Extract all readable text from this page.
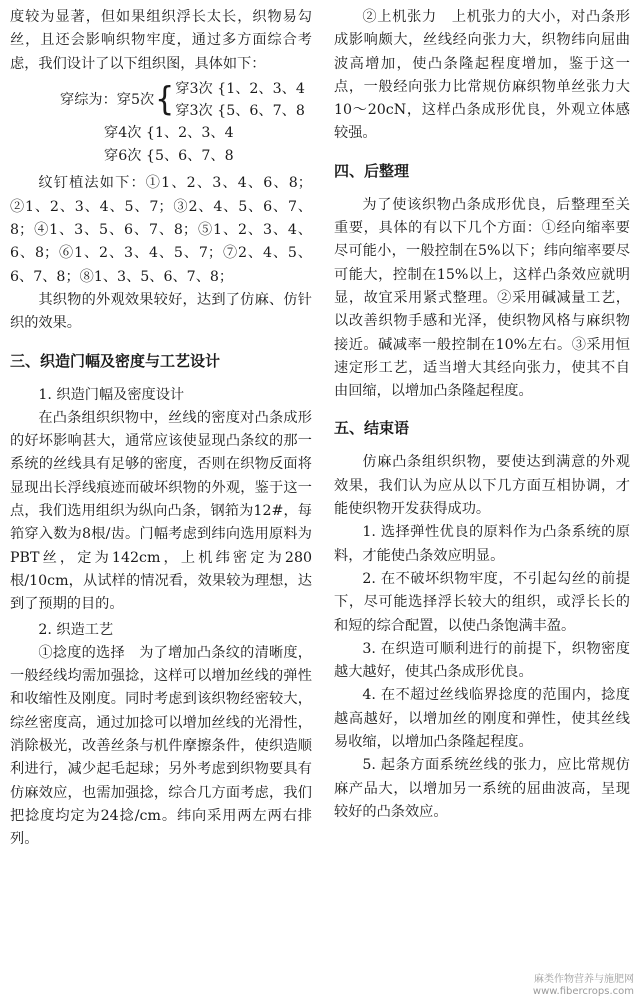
度较为显著，但如果组织浮长太长，织物易勾丝，且还会影响织物牢度，通过多方面综合考虑，我们设计了以下组织图，具体如下：

穿综为：穿5次{ 穿3次 {1、2、3、4
穿3次 {5、6、7、8
穿4次 {1、2、3、4
穿6次 {5、6、7、8

纹钉植法如下：①1、2、3、4、6、8；②1、2、3、4、5、7；③2、4、5、6、7、8；④1、3、5、6、7、8；⑤1、2、3、4、6、8；⑥1、2、3、4、5、7；⑦2、4、5、6、7、8；⑧1、3、5、6、7、8；

其织物的外观效果较好，达到了仿麻、仿针织的效果。

三、织造门幅及密度与工艺设计

1. 织造门幅及密度设计

在凸条组织织物中，丝线的密度对凸条成形的好坏影响甚大，通常应该使显现凸条纹的那一系统的丝线具有足够的密度，否则在织物反面将显现出长浮线痕迹而破坏织物的外观，鉴于这一点，我们选用组织为纵向凸条，钢筘为12#，每筘穿入数为8根/齿。门幅考虑到纬向选用原料为PBT丝，定为142cm，上机纬密定为280根/10cm，从试样的情况看，效果较为理想，达到了预期的目的。

2. 织造工艺

①捻度的选择　为了增加凸条纹的清晰度，一般经线均需加强捻，这样可以增加丝线的弹性和收缩性及刚度。同时考虑到该织物经密较大，综丝密度高，通过加捻可以增加丝线的光滑性，消除极光，改善丝条与机件摩擦条件，使织造顺利进行，减少起毛起球；另外考虑到织物要具有仿麻效应，也需加强捻，综合几方面考虑，我们把捻度均定为24捻/cm。纬向采用两左两右排列。

②上机张力　上机张力的大小，对凸条形成影响颇大，丝线经向张力大，织物纬向屈曲波高增加，使凸条隆起程度增加，鉴于这一点，一般经向张力比常规仿麻织物单丝张力大10～20cN，这样凸条成形优良，外观立体感较强。

四、后整理

为了使该织物凸条成形优良，后整理至关重要，具体的有以下几个方面：①经向缩率要尽可能小，一般控制在5%以下；纬向缩率要尽可能大，控制在15%以上，这样凸条效应就明显，故宜采用紧式整理。②采用碱减量工艺，以改善织物手感和光泽，使织物风格与麻织物接近。碱减率一般控制在10%左右。③采用恒速定形工艺，适当增大其经向张力，使其不自由回缩，以增加凸条隆起程度。

五、结束语

仿麻凸条组织织物，要使达到满意的外观效果，我们认为应从以下几方面互相协调，才能使织物开发获得成功。

1. 选择弹性优良的原料作为凸条系统的原料，才能使凸条效应明显。

2. 在不破坏织物牢度，不引起勾丝的前提下，尽可能选择浮长较大的组织，或浮长长的和短的综合配置，以使凸条饱满丰盈。

3. 在织造可顺利进行的前提下，织物密度越大越好，使其凸条成形优良。

4. 在不超过丝线临界捻度的范围内，捻度越高越好，以增加丝的刚度和弹性，使其丝线易收缩，以增加凸条隆起程度。

5. 起条方面系统丝线的张力，应比常规仿麻产品大，以增加另一系统的屈曲波高，呈现较好的凸条效应。

麻类作物营养与施肥网
www.fibercrops.com
